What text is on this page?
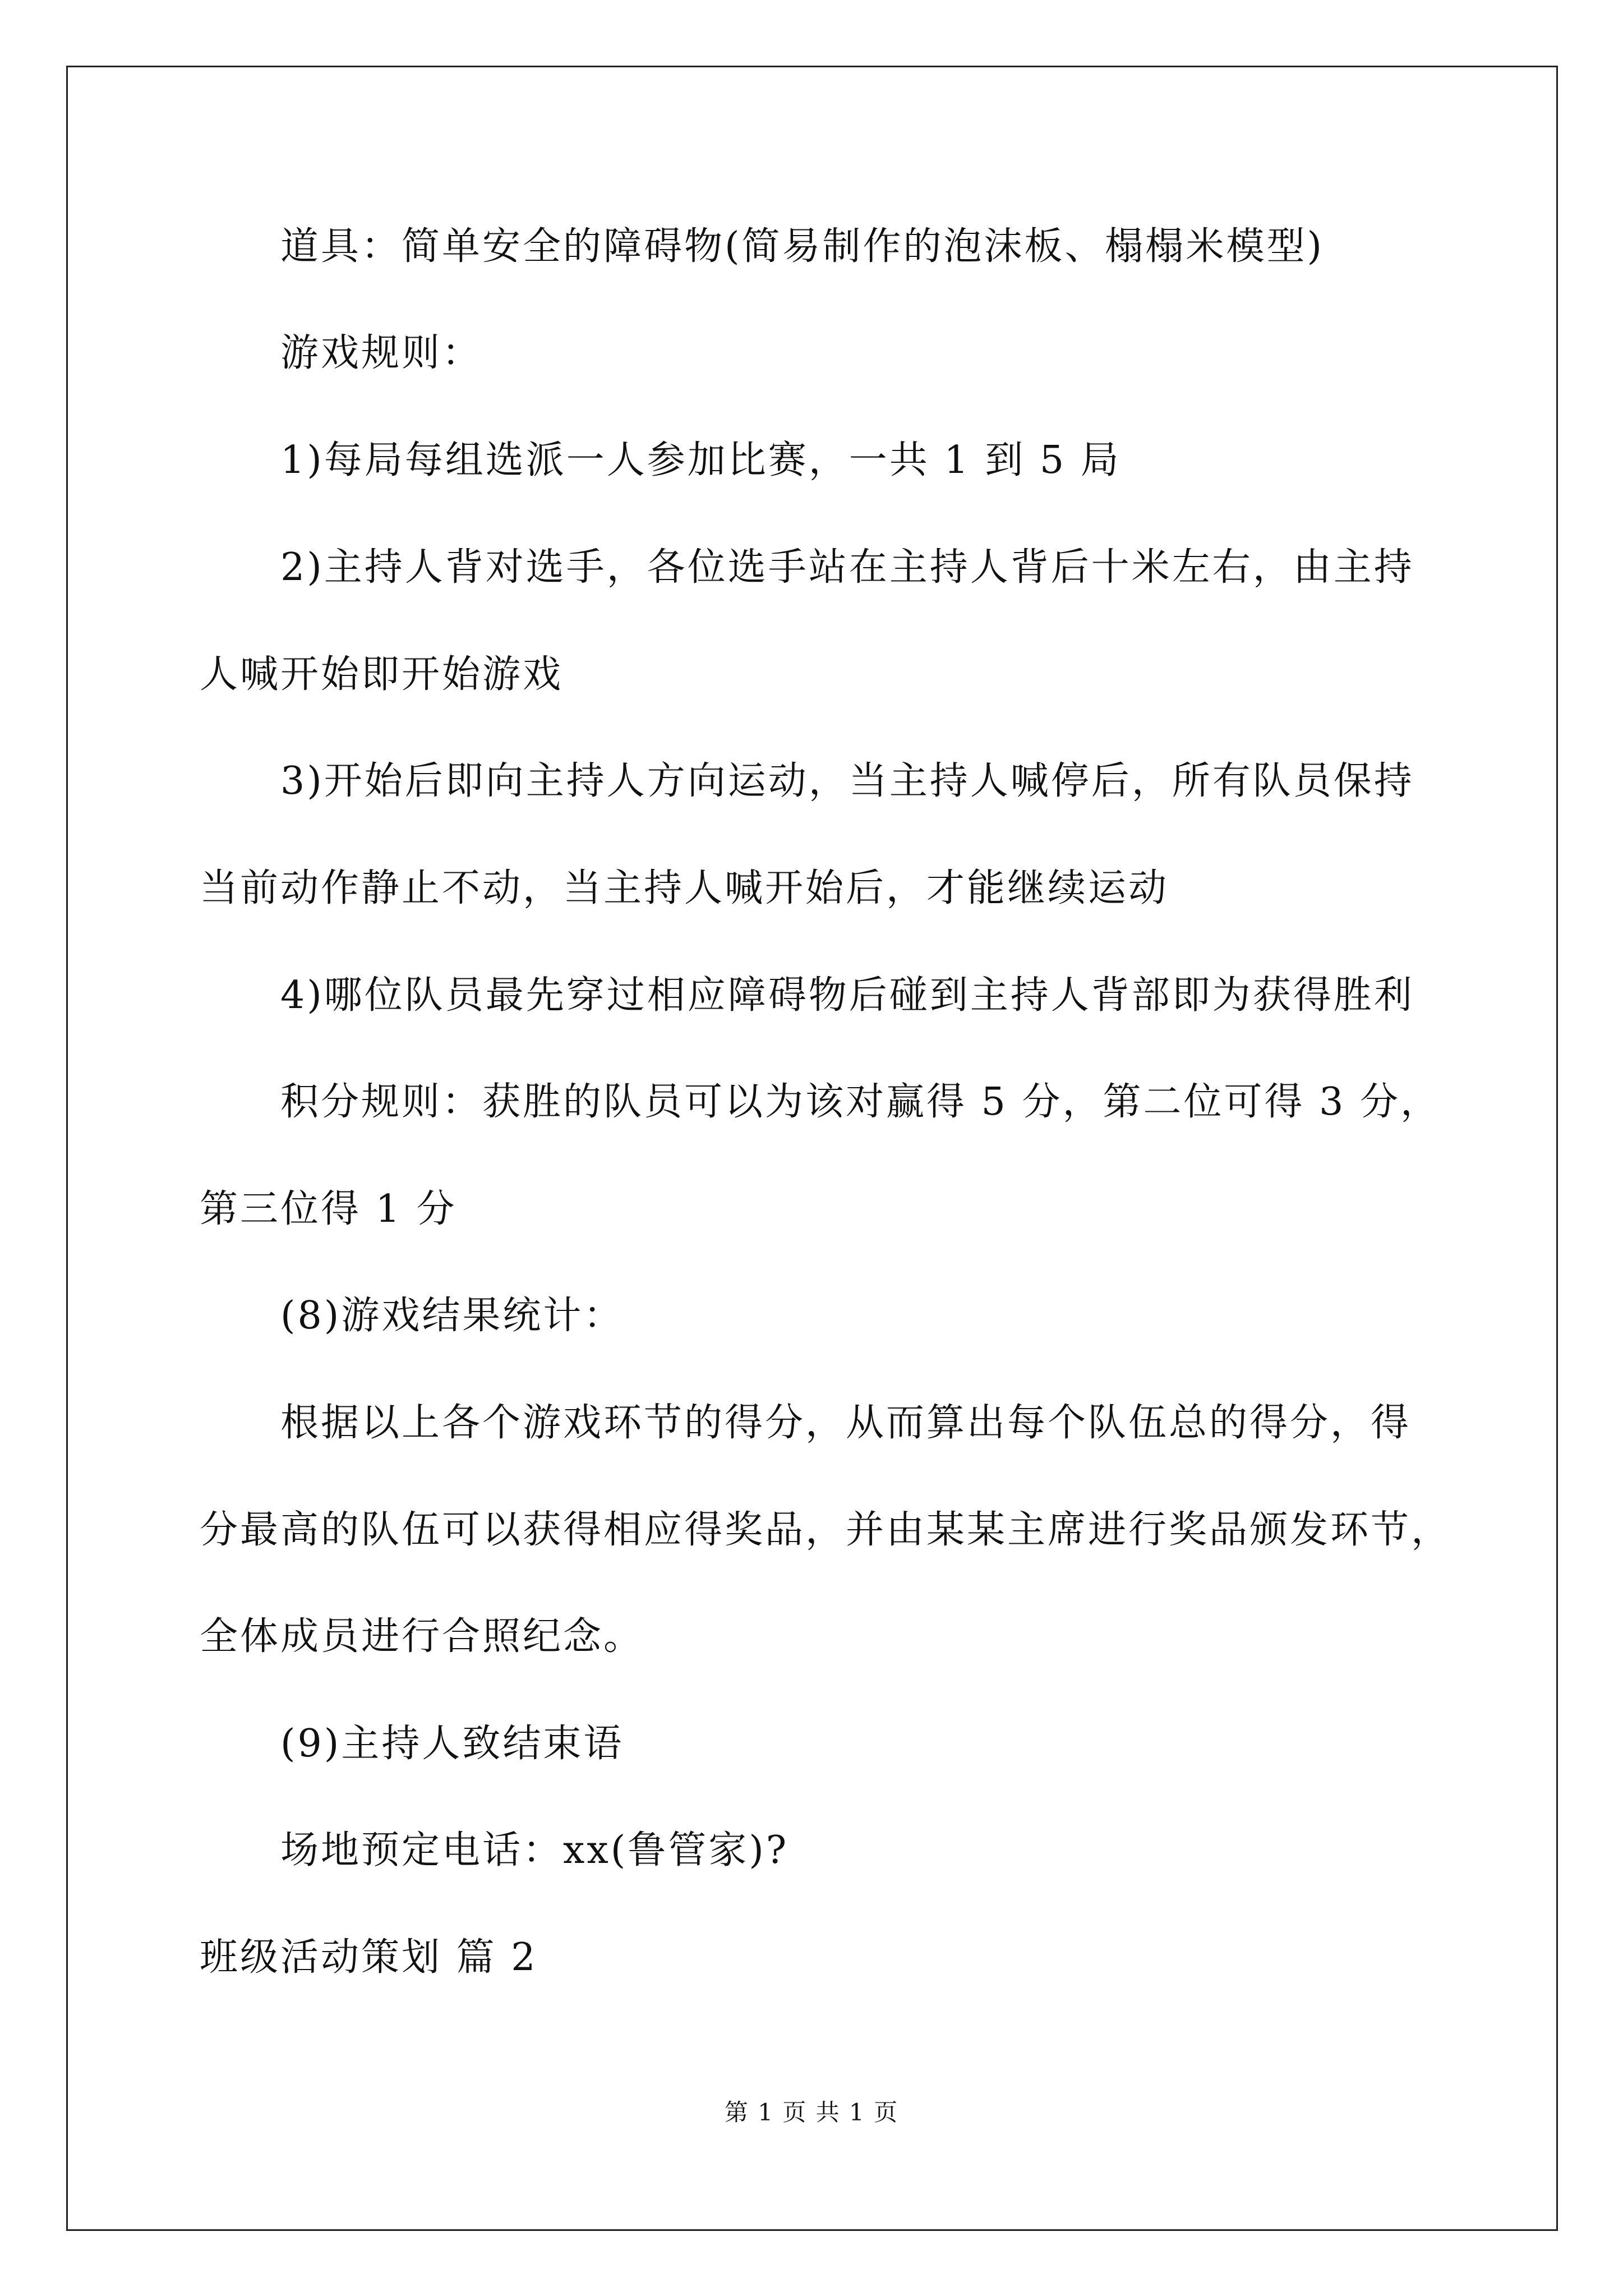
道具：简单安全的障碍物(简易制作的泡沫板、榻榻米模型)

游戏规则：

1)每局每组选派一人参加比赛，一共 1 到 5 局

2)主持人背对选手，各位选手站在主持人背后十米左右，由主持

人喊开始即开始游戏

3)开始后即向主持人方向运动，当主持人喊停后，所有队员保持

当前动作静止不动，当主持人喊开始后，才能继续运动

4)哪位队员最先穿过相应障碍物后碰到主持人背部即为获得胜利

积分规则：获胜的队员可以为该对赢得 5 分，第二位可得 3 分，

第三位得 1 分

(8)游戏结果统计：

根据以上各个游戏环节的得分，从而算出每个队伍总的得分，得

分最高的队伍可以获得相应得奖品，并由某某主席进行奖品颁发环节，

全体成员进行合照纪念。

(9)主持人致结束语

场地预定电话：xx(鲁管家)?

班级活动策划 篇 2

第 1 页 共 1 页
